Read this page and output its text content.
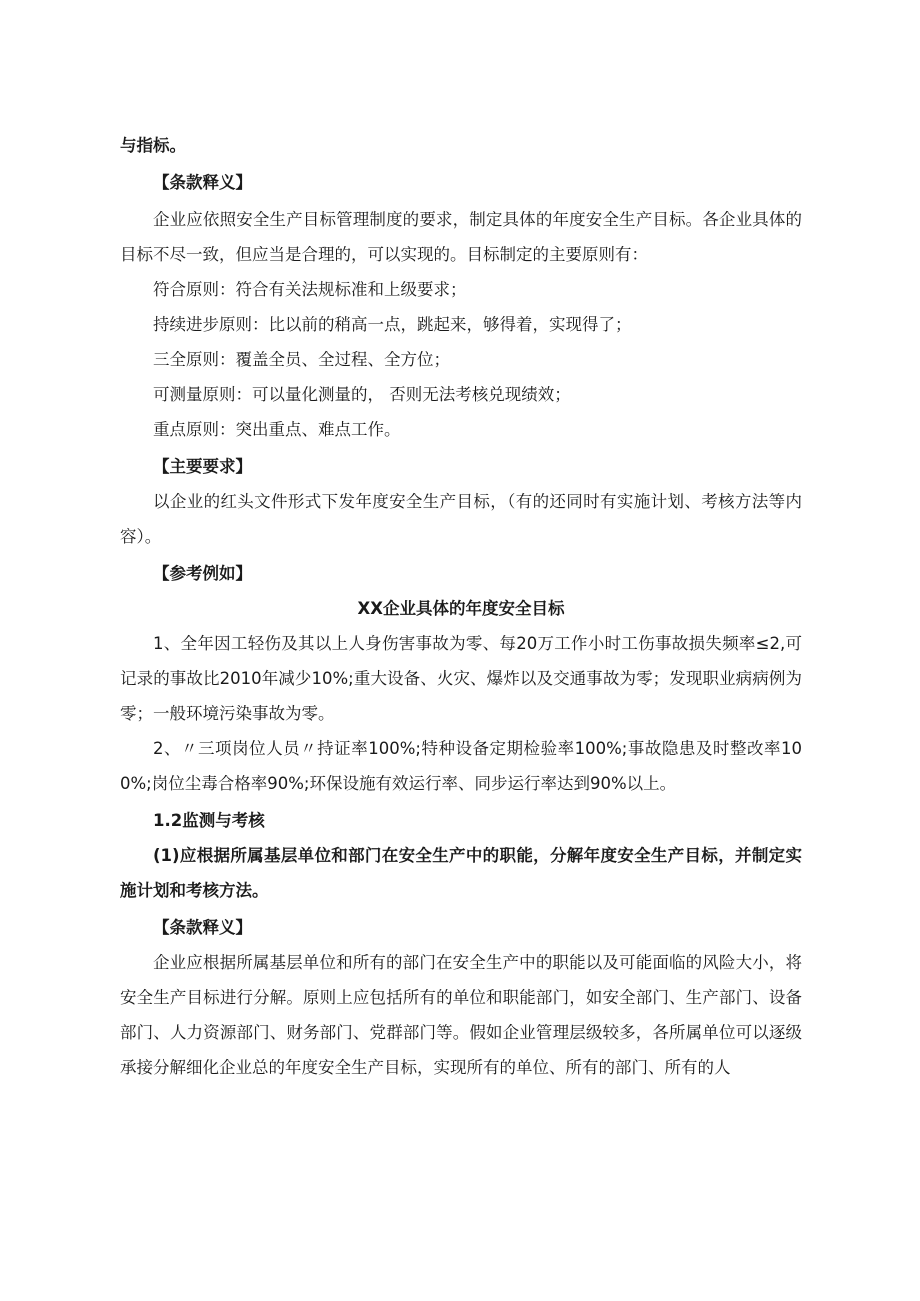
与指标。

【条款释义】

企业应依照安全生产目标管理制度的要求，制定具体的年度安全生产目标。各企业具体的目标不尽一致，但应当是合理的，可以实现的。目标制定的主要原则有：

符合原则：符合有关法规标准和上级要求；

持续进步原则：比以前的稍高一点，跳起来，够得着，实现得了；

三全原则：覆盖全员、全过程、全方位；

可测量原则：可以量化测量的， 否则无法考核兑现绩效；

重点原则：突出重点、难点工作。

【主要要求】

以企业的红头文件形式下发年度安全生产目标，（有的还同时有实施计划、考核方法等内容）。

【参考例如】

XX企业具体的年度安全目标

1、全年因工轻伤及其以上人身伤害事故为零、每20万工作小时工伤事故损失频率≤2,可记录的事故比2010年减少10%;重大设备、火灾、爆炸以及交通事故为零；发现职业病病例为零；一般环境污染事故为零。

2、〃三项岗位人员〃持证率100%;特种设备定期检验率100%;事故隐患及时整改率100%;岗位尘毒合格率90%;环保设施有效运行率、同步运行率达到90%以上。

1.2监测与考核

(1)应根据所属基层单位和部门在安全生产中的职能，分解年度安全生产目标，并制定实施计划和考核方法。

【条款释义】

企业应根据所属基层单位和所有的部门在安全生产中的职能以及可能面临的风险大小，将安全生产目标进行分解。原则上应包括所有的单位和职能部门，如安全部门、生产部门、设备部门、人力资源部门、财务部门、党群部门等。假如企业管理层级较多，各所属单位可以逐级承接分解细化企业总的年度安全生产目标，实现所有的单位、所有的部门、所有的人
